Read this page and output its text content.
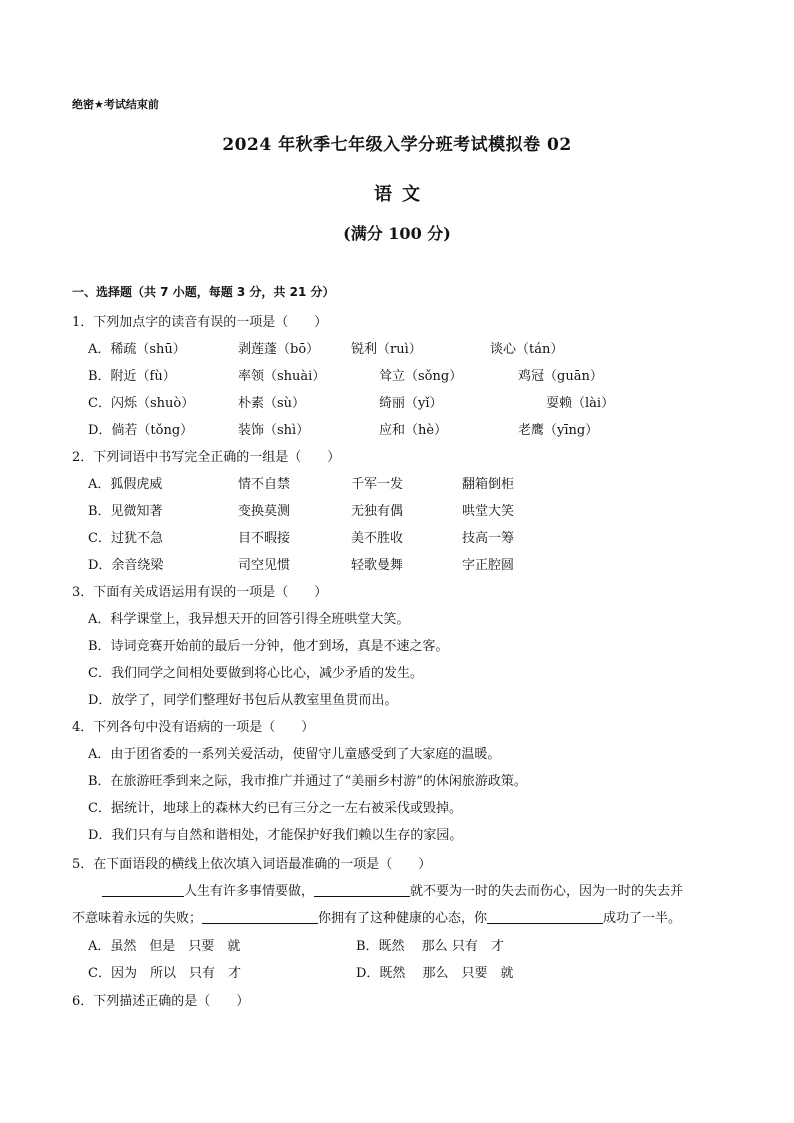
绝密★考试结束前
2024 年秋季七年级入学分班考试模拟卷 02
语文
(满分 100 分)
一、选择题（共 7 小题，每题 3 分，共 21 分）
1．下列加点字的读音有误的一项是（　　）
A．稀疏（shū）	剥莲蓬（bō） 锐利（ruì）	谈心（tán）
B．附近（fù）	率领（shuài）	耸立（sǒng）	鸡冠（guān）
C．闪烁（shuò）	朴素（sù）	绮丽（yǐ）	耍赖（lài）
D．倘若（tǒng）	装饰（shì）	应和（hè）	老鹰（yīng）
2．下列词语中书写完全正确的一组是（　　）
A．狐假虎威	情不自禁	千军一发	翻箱倒柜
B．见微知著	变换莫测	无独有偶	哄堂大笑
C．过犹不急	目不暇接	美不胜收	技高一筹
D．余音绕梁	司空见惯	轻歌曼舞	字正腔圆
3．下面有关成语运用有误的一项是（　　）
A．科学课堂上，我异想天开的回答引得全班哄堂大笑。
B．诗词竞赛开始前的最后一分钟，他才到场，真是不速之客。
C．我们同学之间相处要做到将心比心，减少矛盾的发生。
D．放学了，同学们整理好书包后从教室里鱼贯而出。
4．下列各句中没有语病的一项是（　　）
A．由于团省委的一系列关爱活动，使留守儿童感受到了大家庭的温暖。
B．在旅游旺季到来之际，我市推广并通过了“美丽乡村游”的休闲旅游政策。
C．据统计，地球上的森林大约已有三分之一左右被采伐或毁掉。
D．我们只有与自然和谐相处，才能保护好我们赖以生存的家园。
5．在下面语段的横线上依次填入词语最准确的一项是（　　）
人生有许多事情要做，	就不要为一时的失去而伤心，因为一时的失去并
不意味着永远的失败；	你拥有了这种健康的心态，你	成功了一半。
A．虽然　但是　只要　就	B．既然　 那么 只有　才
C．因为　所以　只有　才	D．既然　 那么　只要　就
6．下列描述正确的是（　　）
